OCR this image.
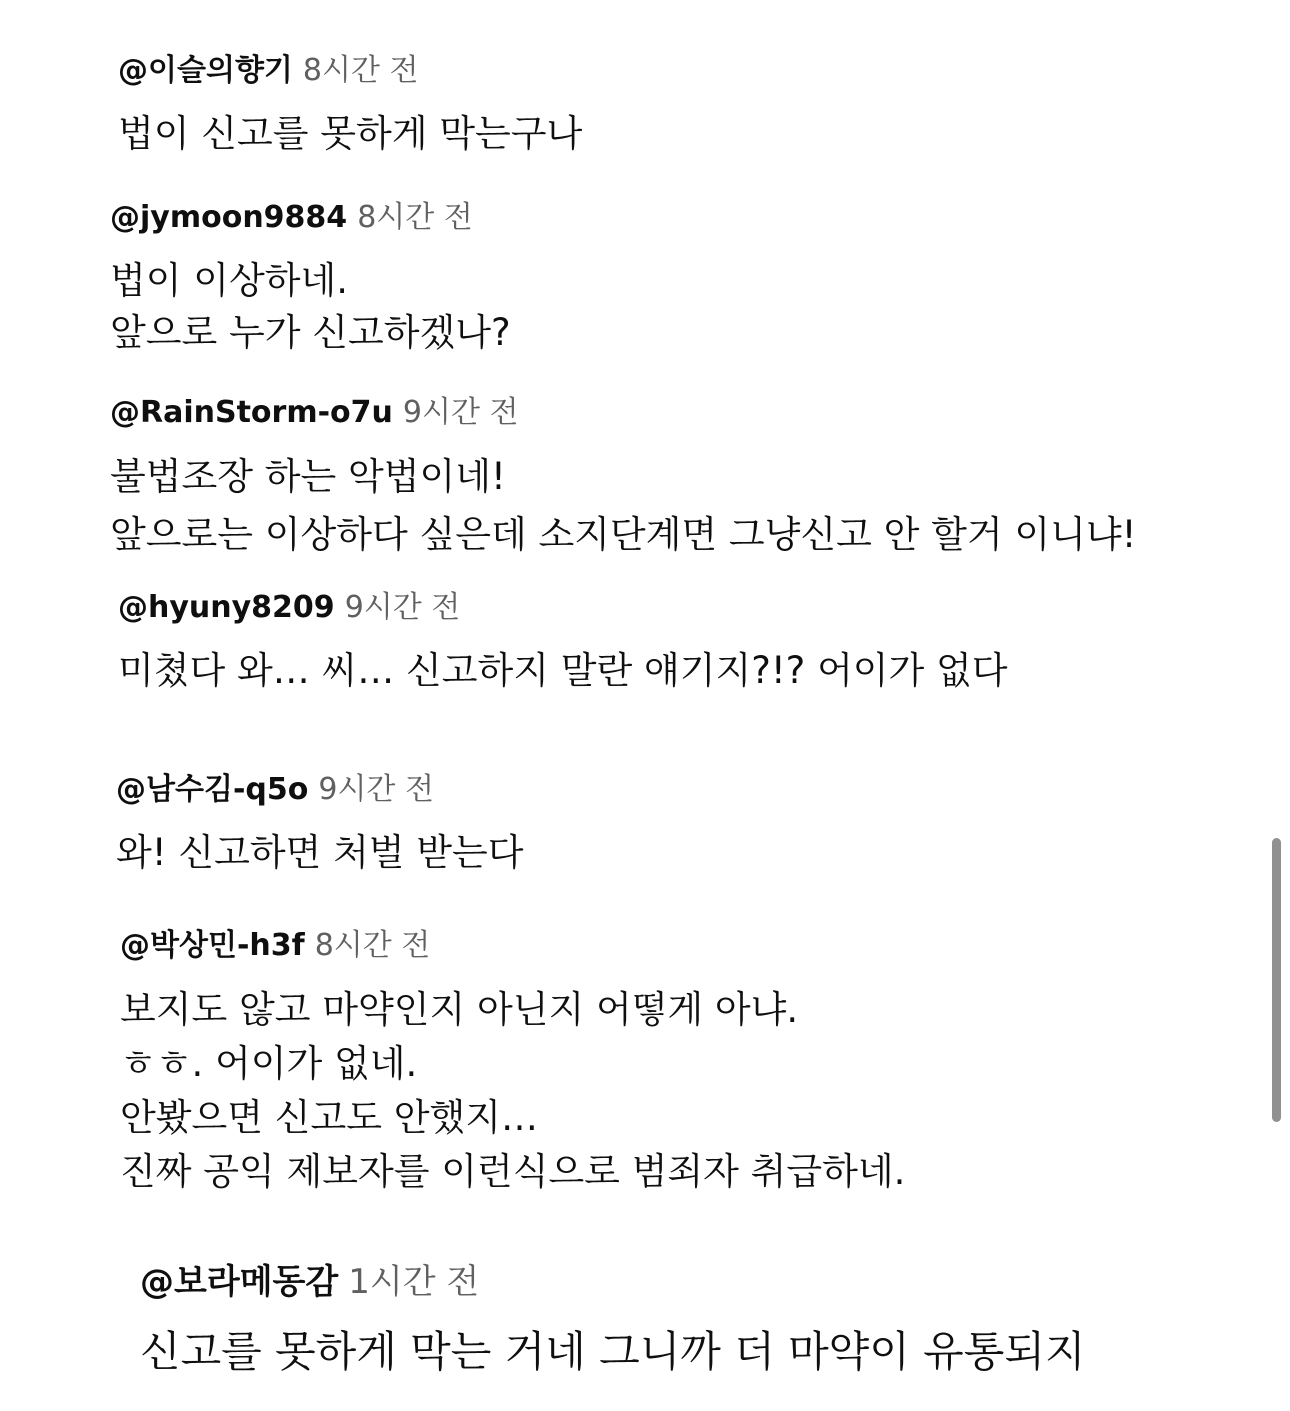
@이슬의향기 8시간 전
법이 신고를 못하게 막는구나
@jymoon9884 8시간 전
법이 이상하네.
앞으로 누가 신고하겠나?
@RainStorm-o7u 9시간 전
불법조장 하는 악법이네!
앞으로는 이상하다 싶은데 소지단계면 그냥신고 안 할거 이니냐!
@hyuny8209 9시간 전
미쳤다 와… 씨… 신고하지 말란 얘기지?!? 어이가 없다
@남수김-q5o 9시간 전
와! 신고하면 처벌 받는다
@박상민-h3f 8시간 전
보지도 않고 마약인지 아닌지 어떻게 아냐.
ㅎㅎ. 어이가 없네.
안봤으면 신고도 안했지…
진짜 공익 제보자를 이런식으로 범죄자 취급하네.
@보라메동감 1시간 전
신고를 못하게 막는 거네 그니까 더 마약이 유통되지
